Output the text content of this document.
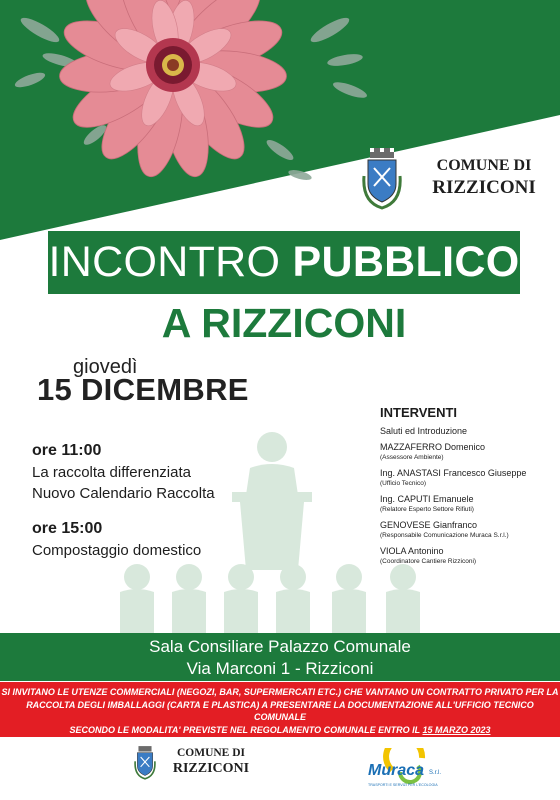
COMUNE DI
RIZZICONI
INCONTRO PUBBLICO
A RIZZICONI
giovedì
15 DICEMBRE
ore 11:00
La raccolta differenziata
Nuovo Calendario Raccolta
ore 15:00
Compostaggio domestico
INTERVENTI
Saluti ed Introduzione
MAZZAFERRO Domenico
(Assessore Ambiente)
Ing. ANASTASI Francesco Giuseppe
(Ufficio Tecnico)
Ing. CAPUTI Emanuele
(Relatore Esperto Settore Rifiuti)
GENOVESE Gianfranco
(Responsabile Comunicazione Muraca S.r.l.)
VIOLA Antonino
(Coordinatore Cantiere Rizziconi)
Sala Consiliare Palazzo Comunale
Via Marconi 1 - Rizziconi
SI INVITANO LE UTENZE COMMERCIALI (NEGOZI, BAR, SUPERMERCATI ETC.) CHE VANTANO UN CONTRATTO PRIVATO PER LA
RACCOLTA DEGLI IMBALLAGGI (CARTA E PLASTICA) A PRESENTARE LA DOCUMENTAZIONE ALL'UFFICIO TECNICO COMUNALE
SECONDO LE MODALITA' PREVISTE NEL REGOLAMENTO COMUNALE ENTRO IL 15 MARZO 2023
COMUNE DI
RIZZICONI	Muraca S.r.l.
TRASPORTI E SERVIZI PER L'ECOLOGIA
